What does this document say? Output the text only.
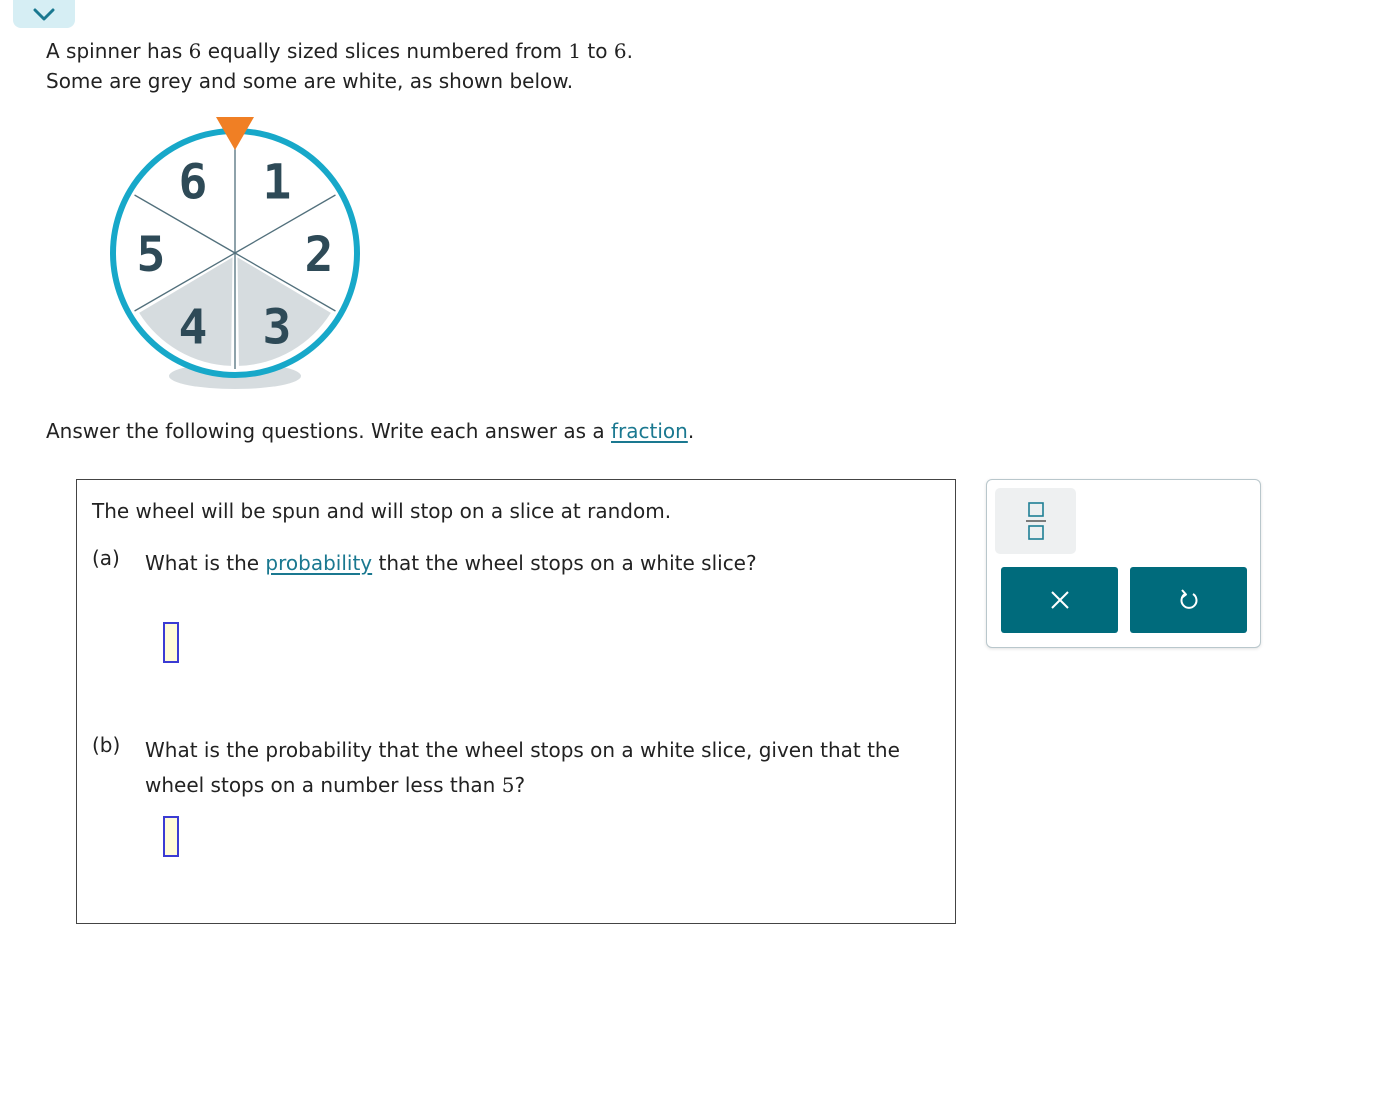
A spinner has 6 equally sized slices numbered from 1 to 6.
Some are grey and some are white, as shown below.
1
2
3
4
5
6
Answer the following questions. Write each answer as a fraction.
The wheel will be spun and will stop on a slice at random.
(a)	What is the probability that the wheel stops on a white slice?
(b)	What is the probability that the wheel stops on a white slice, given that the wheel stops on a number less than 5?
